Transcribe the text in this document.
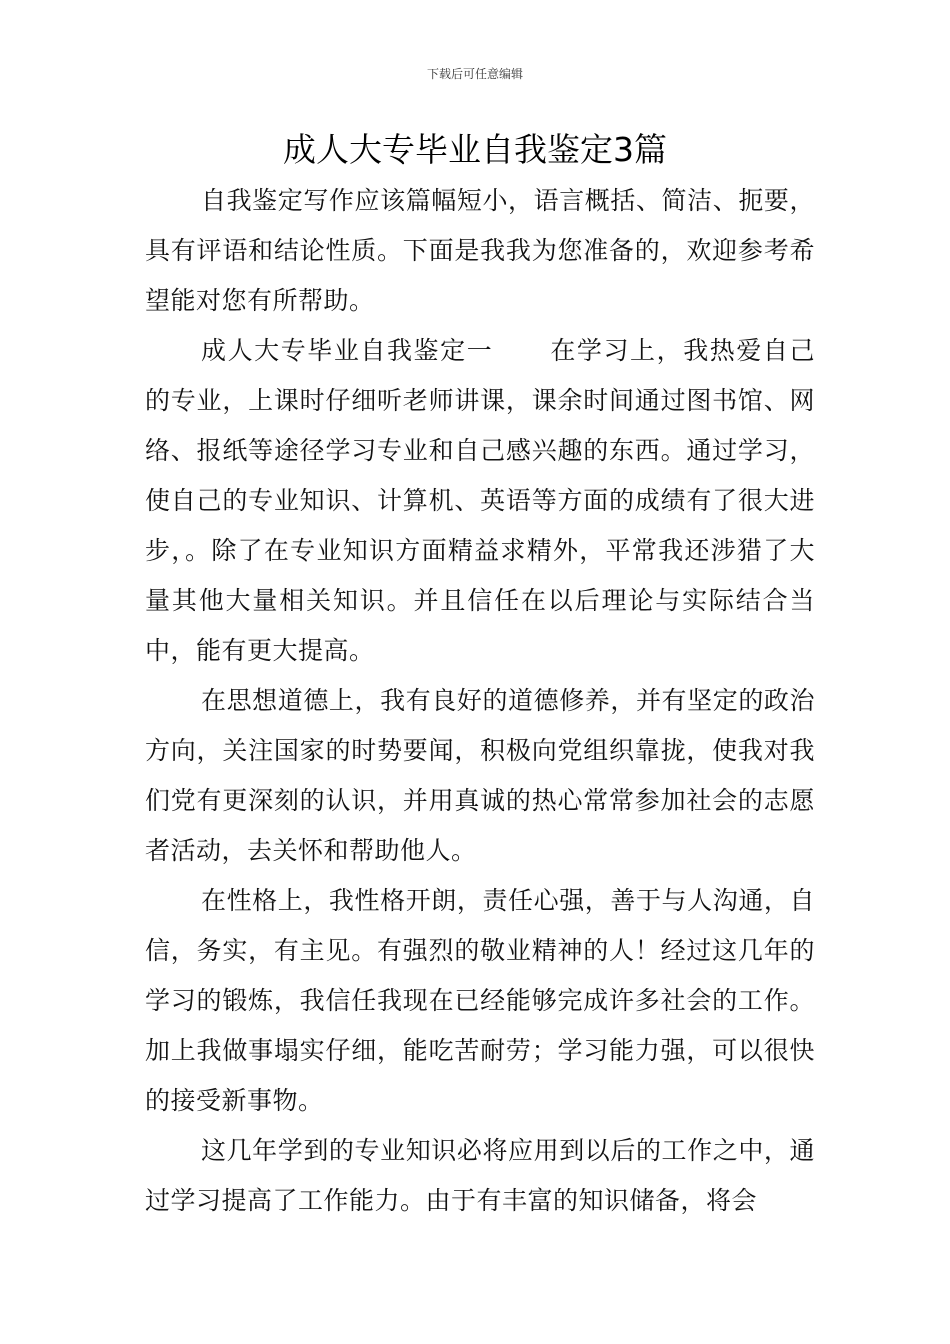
下载后可任意编辑
成人大专毕业自我鉴定3篇

自我鉴定写作应该篇幅短小，语言概括、简洁、扼要，具有评语和结论性质。下面是我我为您准备的，欢迎参考希望能对您有所帮助。

成人大专毕业自我鉴定一 在学习上，我热爱自己的专业，上课时仔细听老师讲课，课余时间通过图书馆、网络、报纸等途径学习专业和自己感兴趣的东西。通过学习，使自己的专业知识、计算机、英语等方面的成绩有了很大进步，。除了在专业知识方面精益求精外，平常我还涉猎了大量其他大量相关知识。并且信任在以后理论与实际结合当中，能有更大提高。

在思想道德上，我有良好的道德修养，并有坚定的政治方向，关注国家的时势要闻，积极向党组织靠拢，使我对我们党有更深刻的认识，并用真诚的热心常常参加社会的志愿者活动，去关怀和帮助他人。

在性格上，我性格开朗，责任心强，善于与人沟通，自信，务实，有主见。有强烈的敬业精神的人！经过这几年的学习的锻炼，我信任我现在已经能够完成许多社会的工作。加上我做事塌实仔细，能吃苦耐劳；学习能力强，可以很快的接受新事物。

这几年学到的专业知识必将应用到以后的工作之中，通过学习提高了工作能力。由于有丰富的知识储备，将会
